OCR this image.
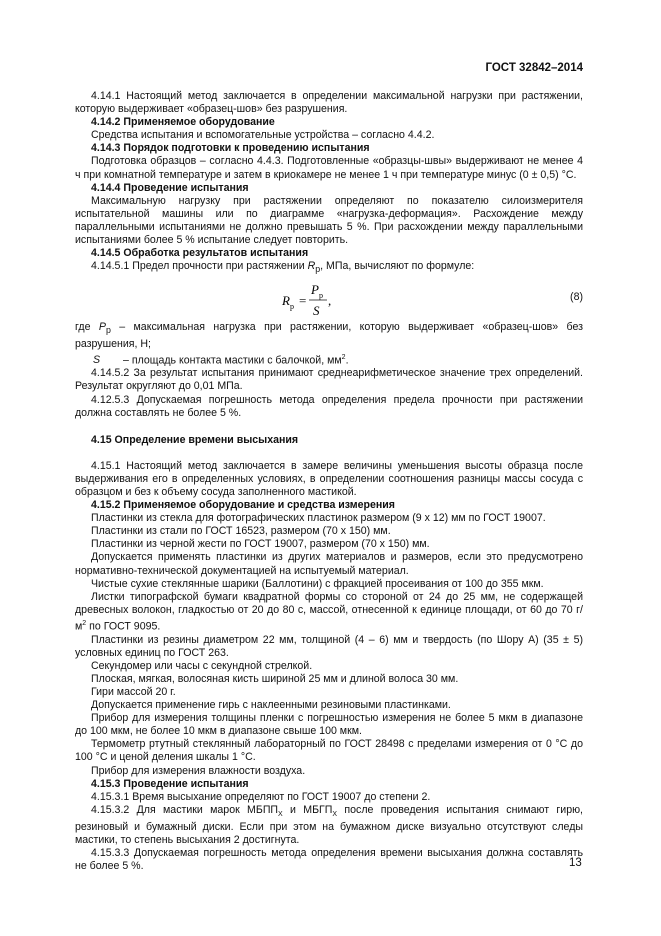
ГОСТ 32842–2014

4.14.1 Настоящий метод заключается в определении максимальной нагрузки при растяжении, которую выдерживает «образец-шов» без разрушения.

4.14.2 Применяемое оборудование

Средства испытания и вспомогательные устройства – согласно 4.4.2.

4.14.3 Порядок подготовки к проведению испытания

Подготовка образцов – согласно 4.4.3. Подготовленные «образцы-швы» выдерживают не менее 4 ч при комнатной температуре и затем в криокамере не менее 1 ч при температуре минус (0 ± 0,5) °С.

4.14.4 Проведение испытания

Максимальную нагрузку при растяжении определяют по показателю силоизмерителя испытательной машины или по диаграмме «нагрузка-деформация». Расхождение между параллельными испытаниями не должно превышать 5 %. При расхождении между параллельными испытаниями более 5 % испытание следует повторить.

4.14.5 Обработка результатов испытания

4.14.5.1 Предел прочности при растяжении $R_р$, МПа, вычисляют по формуле:

R р =
P р
S
,	(8)

где $P_р$ – максимальная нагрузка при растяжении, которую выдерживает «образец-шов» без разрушения, Н;

S – площадь контакта мастики с балочкой, $мм^2$.

4.14.5.2 За результат испытания принимают среднеарифметическое значение трех определений. Результат округляют до 0,01 МПа.

4.12.5.3 Допускаемая погрешность метода определения предела прочности при растяжении должна составлять не более 5 %.

4.15 Определение времени высыхания

4.15.1 Настоящий метод заключается в замере величины уменьшения высоты образца после выдерживания его в определенных условиях, в определении соотношения разницы массы сосуда с образцом и без к объему сосуда заполненного мастикой.

4.15.2 Применяемое оборудование и средства измерения

Пластинки из стекла для фотографических пластинок размером (9 х 12) мм по ГОСТ 19007.

Пластинки из стали по ГОСТ 16523, размером (70 х 150) мм.

Пластинки из черной жести по ГОСТ 19007, размером (70 х 150) мм.

Допускается применять пластинки из других материалов и размеров, если это предусмотрено нормативно-технической документацией на испытуемый материал.

Чистые сухие стеклянные шарики (Баллотини) с фракцией просеивания от 100 до 355 мкм.

Листки типографской бумаги квадратной формы со стороной от 24 до 25 мм, не содержащей древесных волокон, гладкостью от 20 до 80 с, массой, отнесенной к единице площади, от 60 до 70 $г/м^2$ по ГОСТ 9095.

Пластинки из резины диаметром 22 мм, толщиной (4 – 6) мм и твердость (по Шору А) (35 ± 5) условных единиц по ГОСТ 263.

Секундомер или часы с секундной стрелкой.

Плоская, мягкая, волосяная кисть шириной 25 мм и длиной волоса 30 мм.

Гири массой 20 г.

Допускается применение гирь с наклеенными резиновыми пластинками.

Прибор для измерения толщины пленки с погрешностью измерения не более 5 мкм в диапазоне до 100 мкм, не более 10 мкм в диапазоне свыше 100 мкм.

Термометр ртутный стеклянный лабораторный по ГОСТ 28498 с пределами измерения от 0 °С до 100 °С и ценой деления шкалы 1 °С.

Прибор для измерения влажности воздуха.

4.15.3 Проведение испытания

4.15.3.1 Время высыхание определяют по ГОСТ 19007 до степени 2.

4.15.3.2 Для мастики марок $МБПП_Х$ и $МБГП_Х$ после проведения испытания снимают гирю, резиновый и бумажный диски. Если при этом на бумажном диске визуально отсутствуют следы мастики, то степень высыхания 2 достигнута.

4.15.3.3 Допускаемая погрешность метода определения времени высыхания должна составлять не более 5 %.	13
